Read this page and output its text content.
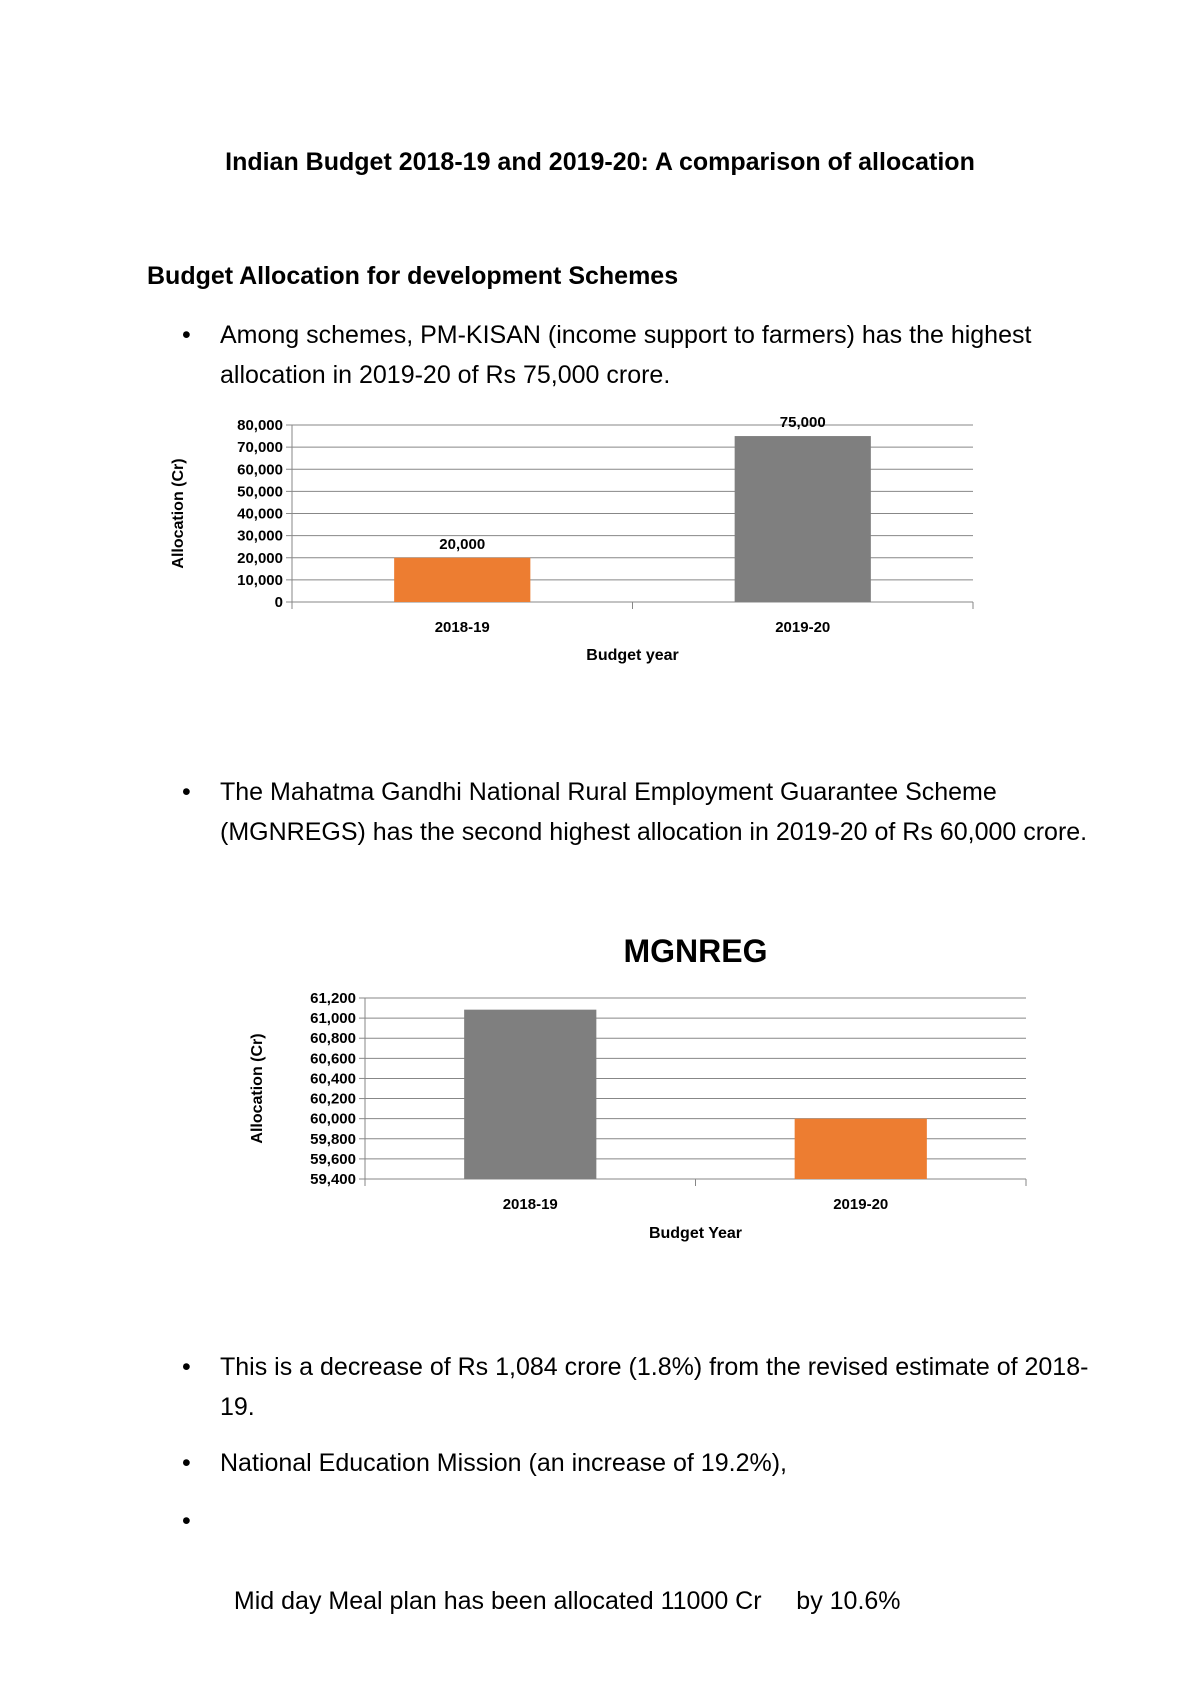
Indian Budget 2018-19 and 2019-20: A comparison of allocation
Budget Allocation for development Schemes
• Among schemes, PM-KISAN (income support to farmers) has the highest allocation in 2019-20 of Rs 75,000 crore.
0
10,000
20,000
30,000
40,000
50,000
60,000
70,000
80,000
2018-19
20,000
2019-20
75,000
Budget year
Allocation (Cr)
• The Mahatma Gandhi National Rural Employment Guarantee Scheme (MGNREGS) has the second highest allocation in 2019-20 of Rs 60,000 crore.
MGNREG
59,400
59,600
59,800
60,000
60,200
60,400
60,600
60,800
61,000
61,200
2018-19	2019-20
Budget Year
Allocation (Cr)
• This is a decrease of Rs 1,084 crore (1.8%) from the revised estimate of 2018-19.
• National Education Mission (an increase of 19.2%),

•

Mid day Meal plan has been allocated 11000 Cr     by 10.6%
